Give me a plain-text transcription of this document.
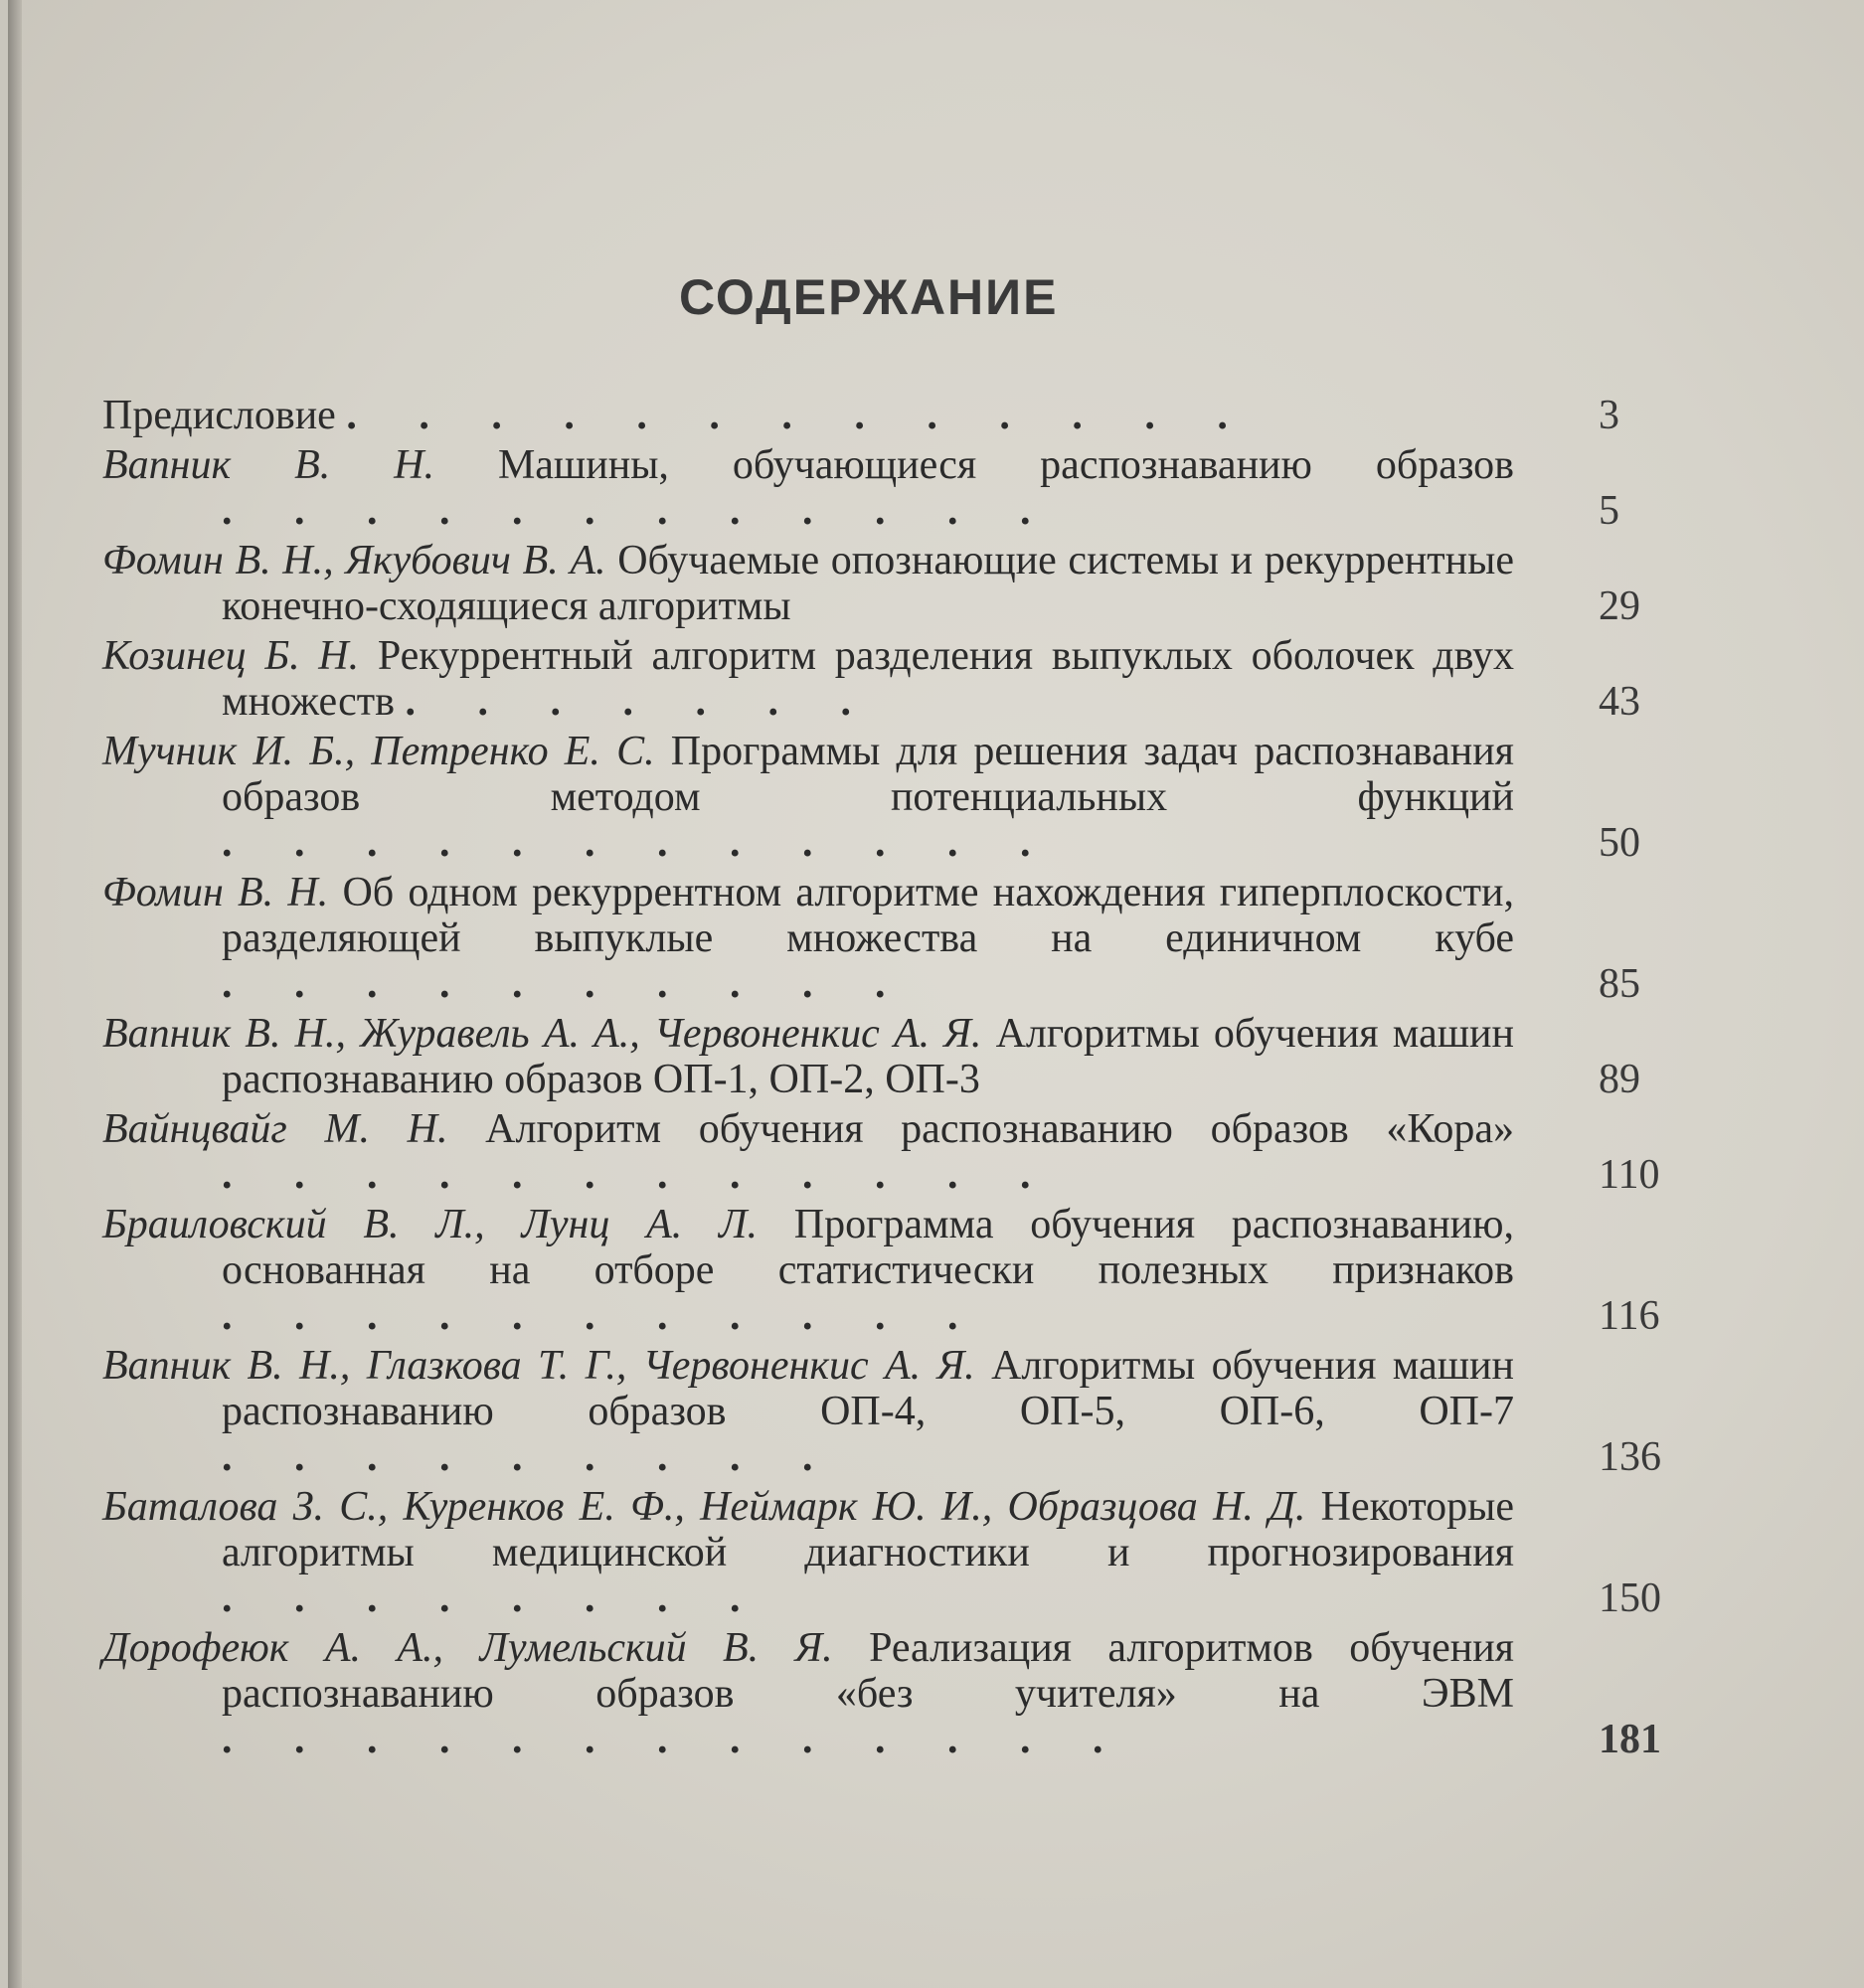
СОДЕРЖАНИЕ
Предисловие . . . . . . . . . . . . .	3
Вапник В. Н. Машины, обучающиеся распознаванию образов . . . . . . . . . . . .	5
Фомин В. Н., Якубович В. А. Обучаемые опознающие системы и рекуррентные конечно-сходящиеся алгоритмы	29
Козинец Б. Н. Рекуррентный алгоритм разделения выпуклых оболочек двух множеств . . . . . . .	43
Мучник И. Б., Петренко Е. С. Программы для решения задач распознавания образов методом потенциальных функций . . . . . . . . . . . .	50
Фомин В. Н. Об одном рекуррентном алгоритме нахождения гиперплоскости, разделяющей выпуклые множества на единичном кубе . . . . . . . . . .	85
Вапник В. Н., Журавель А. А., Червоненкис А. Я. Алгоритмы обучения машин распознаванию образов ОП-1, ОП-2, ОП-3	89
Вайнцвайг М. Н. Алгоритм обучения распознаванию образов «Кора» . . . . . . . . . . . .	110
Браиловский В. Л., Лунц А. Л. Программа обучения распознаванию, основанная на отборе статистически полезных признаков . . . . . . . . . . .	116
Вапник В. Н., Глазкова Т. Г., Червоненкис А. Я. Алгоритмы обучения машин распознаванию образов ОП-4, ОП-5, ОП-6, ОП-7 . . . . . . . . .	136
Баталова З. С., Куренков Е. Ф., Неймарк Ю. И., Образцова Н. Д. Некоторые алгоритмы медицинской диагностики и прогнозирования . . . . . . . .	150
Дорофеюк А. А., Лумельский В. Я. Реализация алгоритмов обучения распознаванию образов «без учителя» на ЭВМ . . . . . . . . . . . . .	181
